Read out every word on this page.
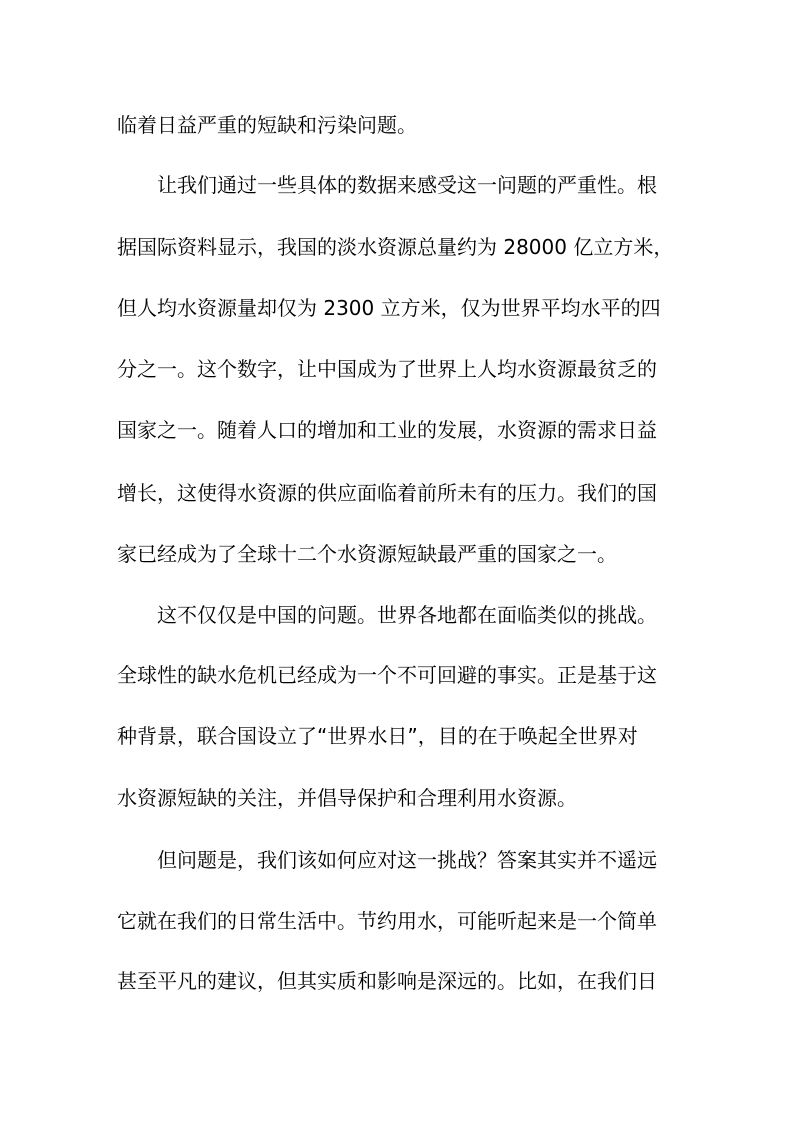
临着日益严重的短缺和污染问题。
让我们通过一些具体的数据来感受这一问题的严重性。根
据国际资料显示，我国的淡水资源总量约为 28000 亿立方米，
但人均水资源量却仅为 2300 立方米，仅为世界平均水平的四
分之一。这个数字，让中国成为了世界上人均水资源最贫乏的
国家之一。随着人口的增加和工业的发展，水资源的需求日益
增长，这使得水资源的供应面临着前所未有的压力。我们的国
家已经成为了全球十二个水资源短缺最严重的国家之一。
这不仅仅是中国的问题。世界各地都在面临类似的挑战。
全球性的缺水危机已经成为一个不可回避的事实。正是基于这
种背景，联合国设立了“世界水日”，目的在于唤起全世界对
水资源短缺的关注，并倡导保护和合理利用水资源。
但问题是，我们该如何应对这一挑战？答案其实并不遥远
它就在我们的日常生活中。节约用水，可能听起来是一个简单
甚至平凡的建议，但其实质和影响是深远的。比如，在我们日
